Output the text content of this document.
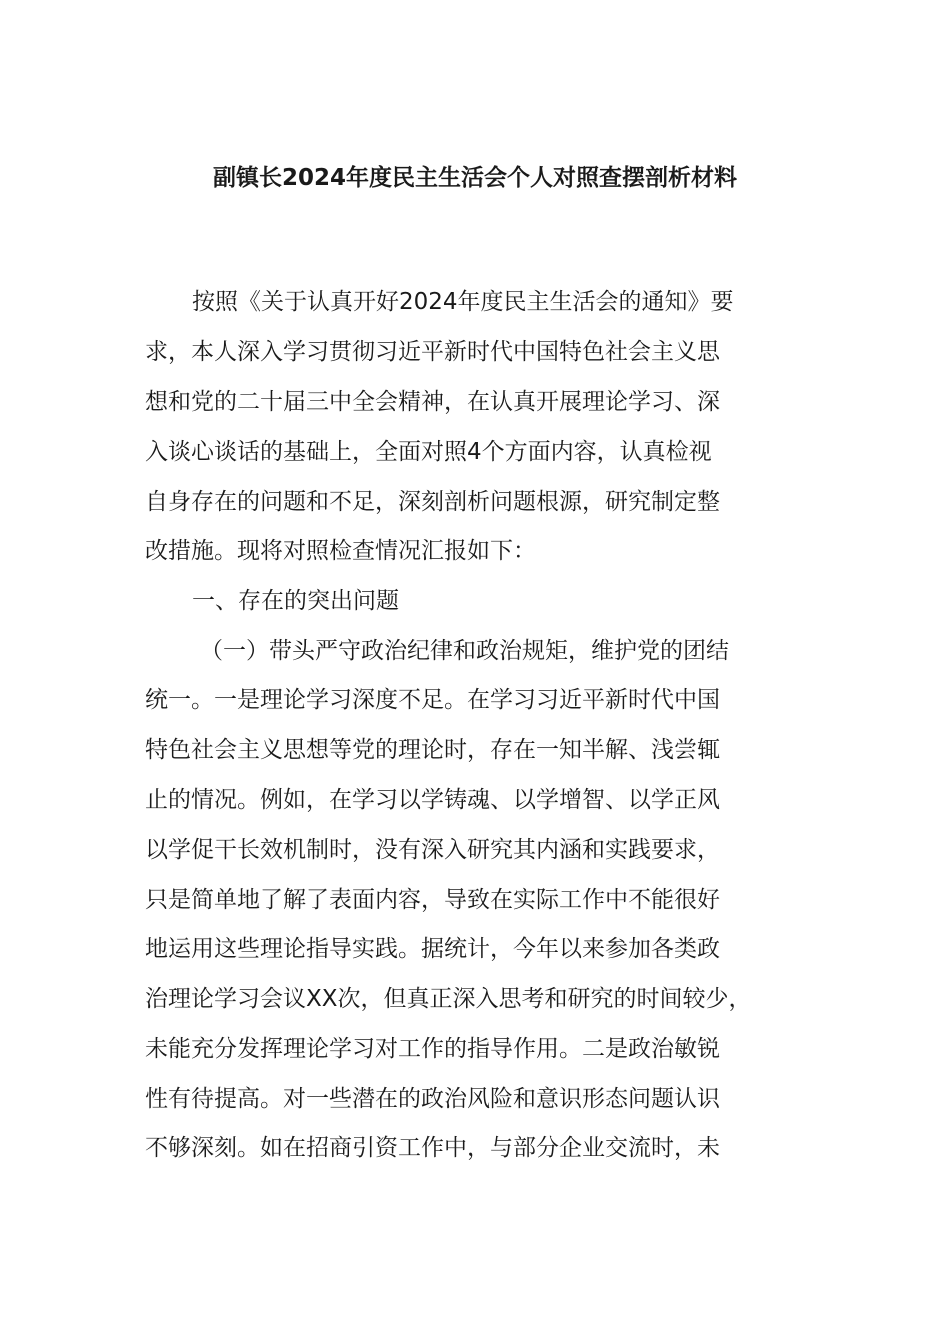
副镇长2024年度民主生活会个人对照查摆剖析材料
按照《关于认真开好2024年度民主生活会的通知》要
求，本人深入学习贯彻习近平新时代中国特色社会主义思
想和党的二十届三中全会精神，在认真开展理论学习、深
入谈心谈话的基础上，全面对照4个方面内容，认真检视
自身存在的问题和不足，深刻剖析问题根源，研究制定整
改措施。现将对照检查情况汇报如下：
一、存在的突出问题
（一）带头严守政治纪律和政治规矩，维护党的团结
统一。一是理论学习深度不足。在学习习近平新时代中国
特色社会主义思想等党的理论时，存在一知半解、浅尝辄
止的情况。例如，在学习以学铸魂、以学增智、以学正风
以学促干长效机制时，没有深入研究其内涵和实践要求，
只是简单地了解了表面内容，导致在实际工作中不能很好
地运用这些理论指导实践。据统计，今年以来参加各类政
治理论学习会议XX次，但真正深入思考和研究的时间较少，
未能充分发挥理论学习对工作的指导作用。二是政治敏锐
性有待提高。对一些潜在的政治风险和意识形态问题认识
不够深刻。如在招商引资工作中，与部分企业交流时，未
